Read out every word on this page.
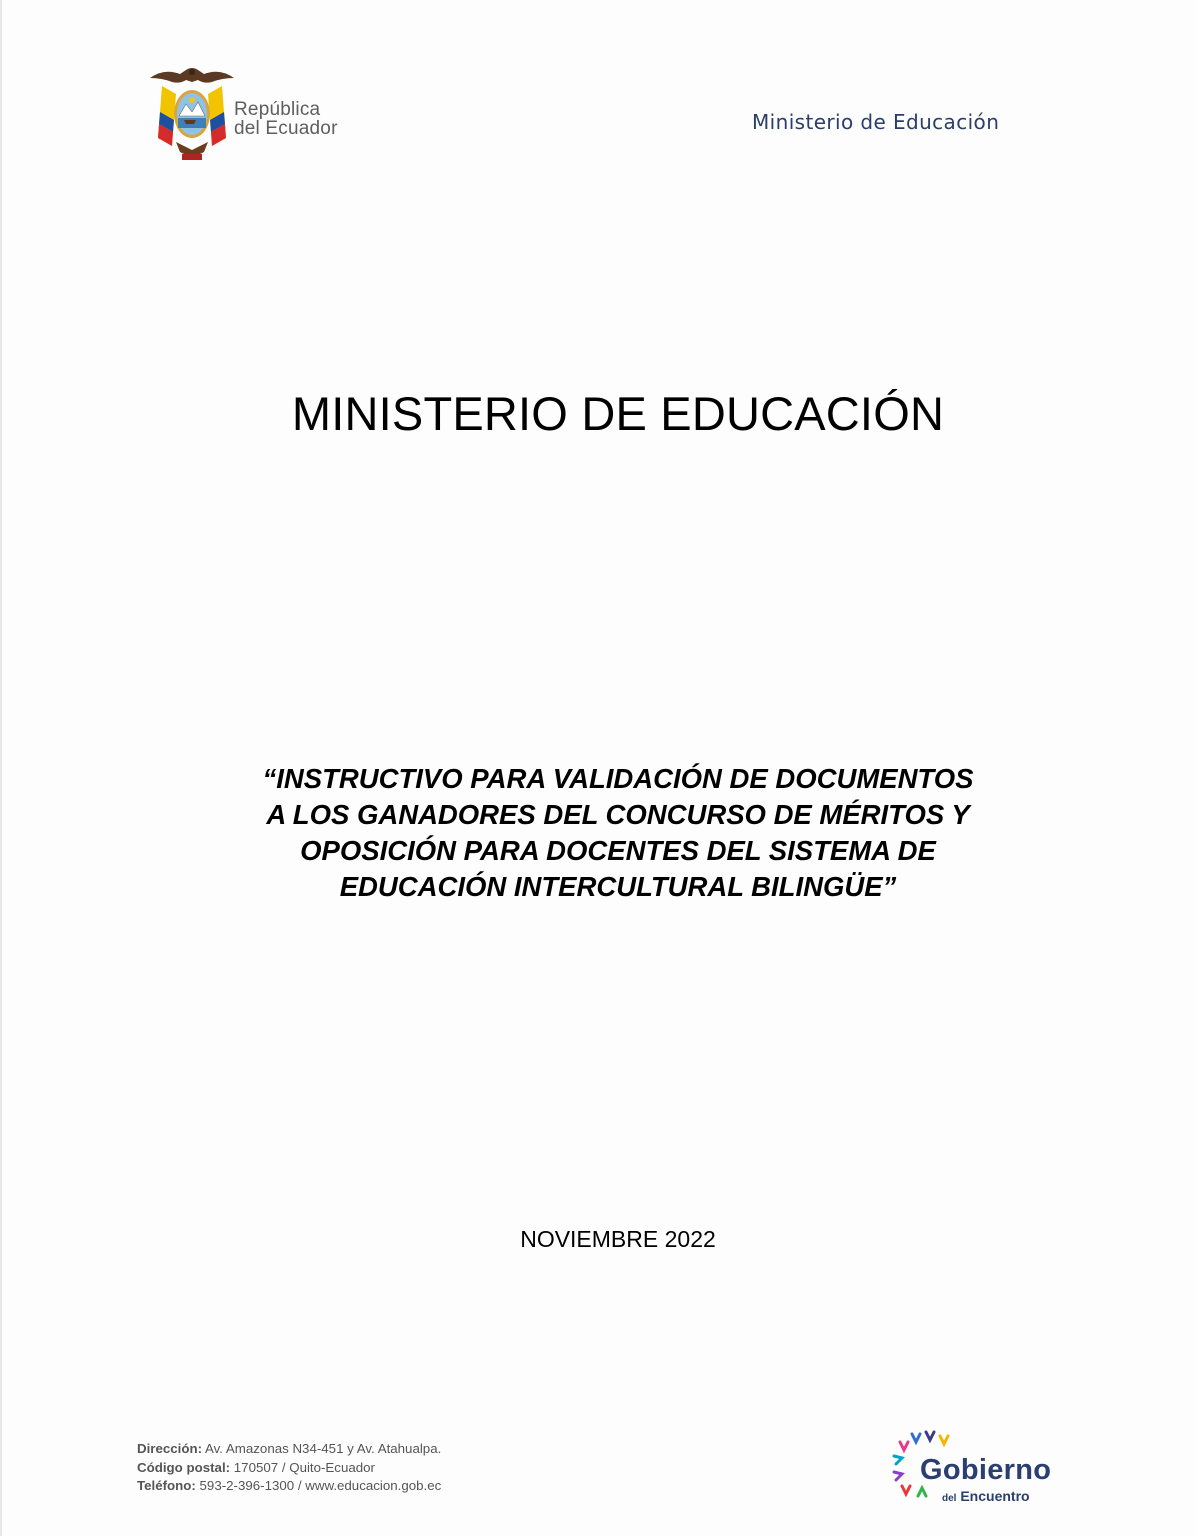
República
del Ecuador	Ministerio de Educación
MINISTERIO DE EDUCACIÓN
“INSTRUCTIVO PARA VALIDACIÓN DE DOCUMENTOS
A LOS GANADORES DEL CONCURSO DE MÉRITOS Y
OPOSICIÓN PARA DOCENTES DEL SISTEMA DE
EDUCACIÓN INTERCULTURAL BILINGÜE”
NOVIEMBRE 2022
Dirección: Av. Amazonas N34-451 y Av. Atahualpa.
Código postal: 170507 / Quito-Ecuador
Teléfono: 593-2-396-1300 / www.educacion.gob.ec	Gobierno
del Encuentro
